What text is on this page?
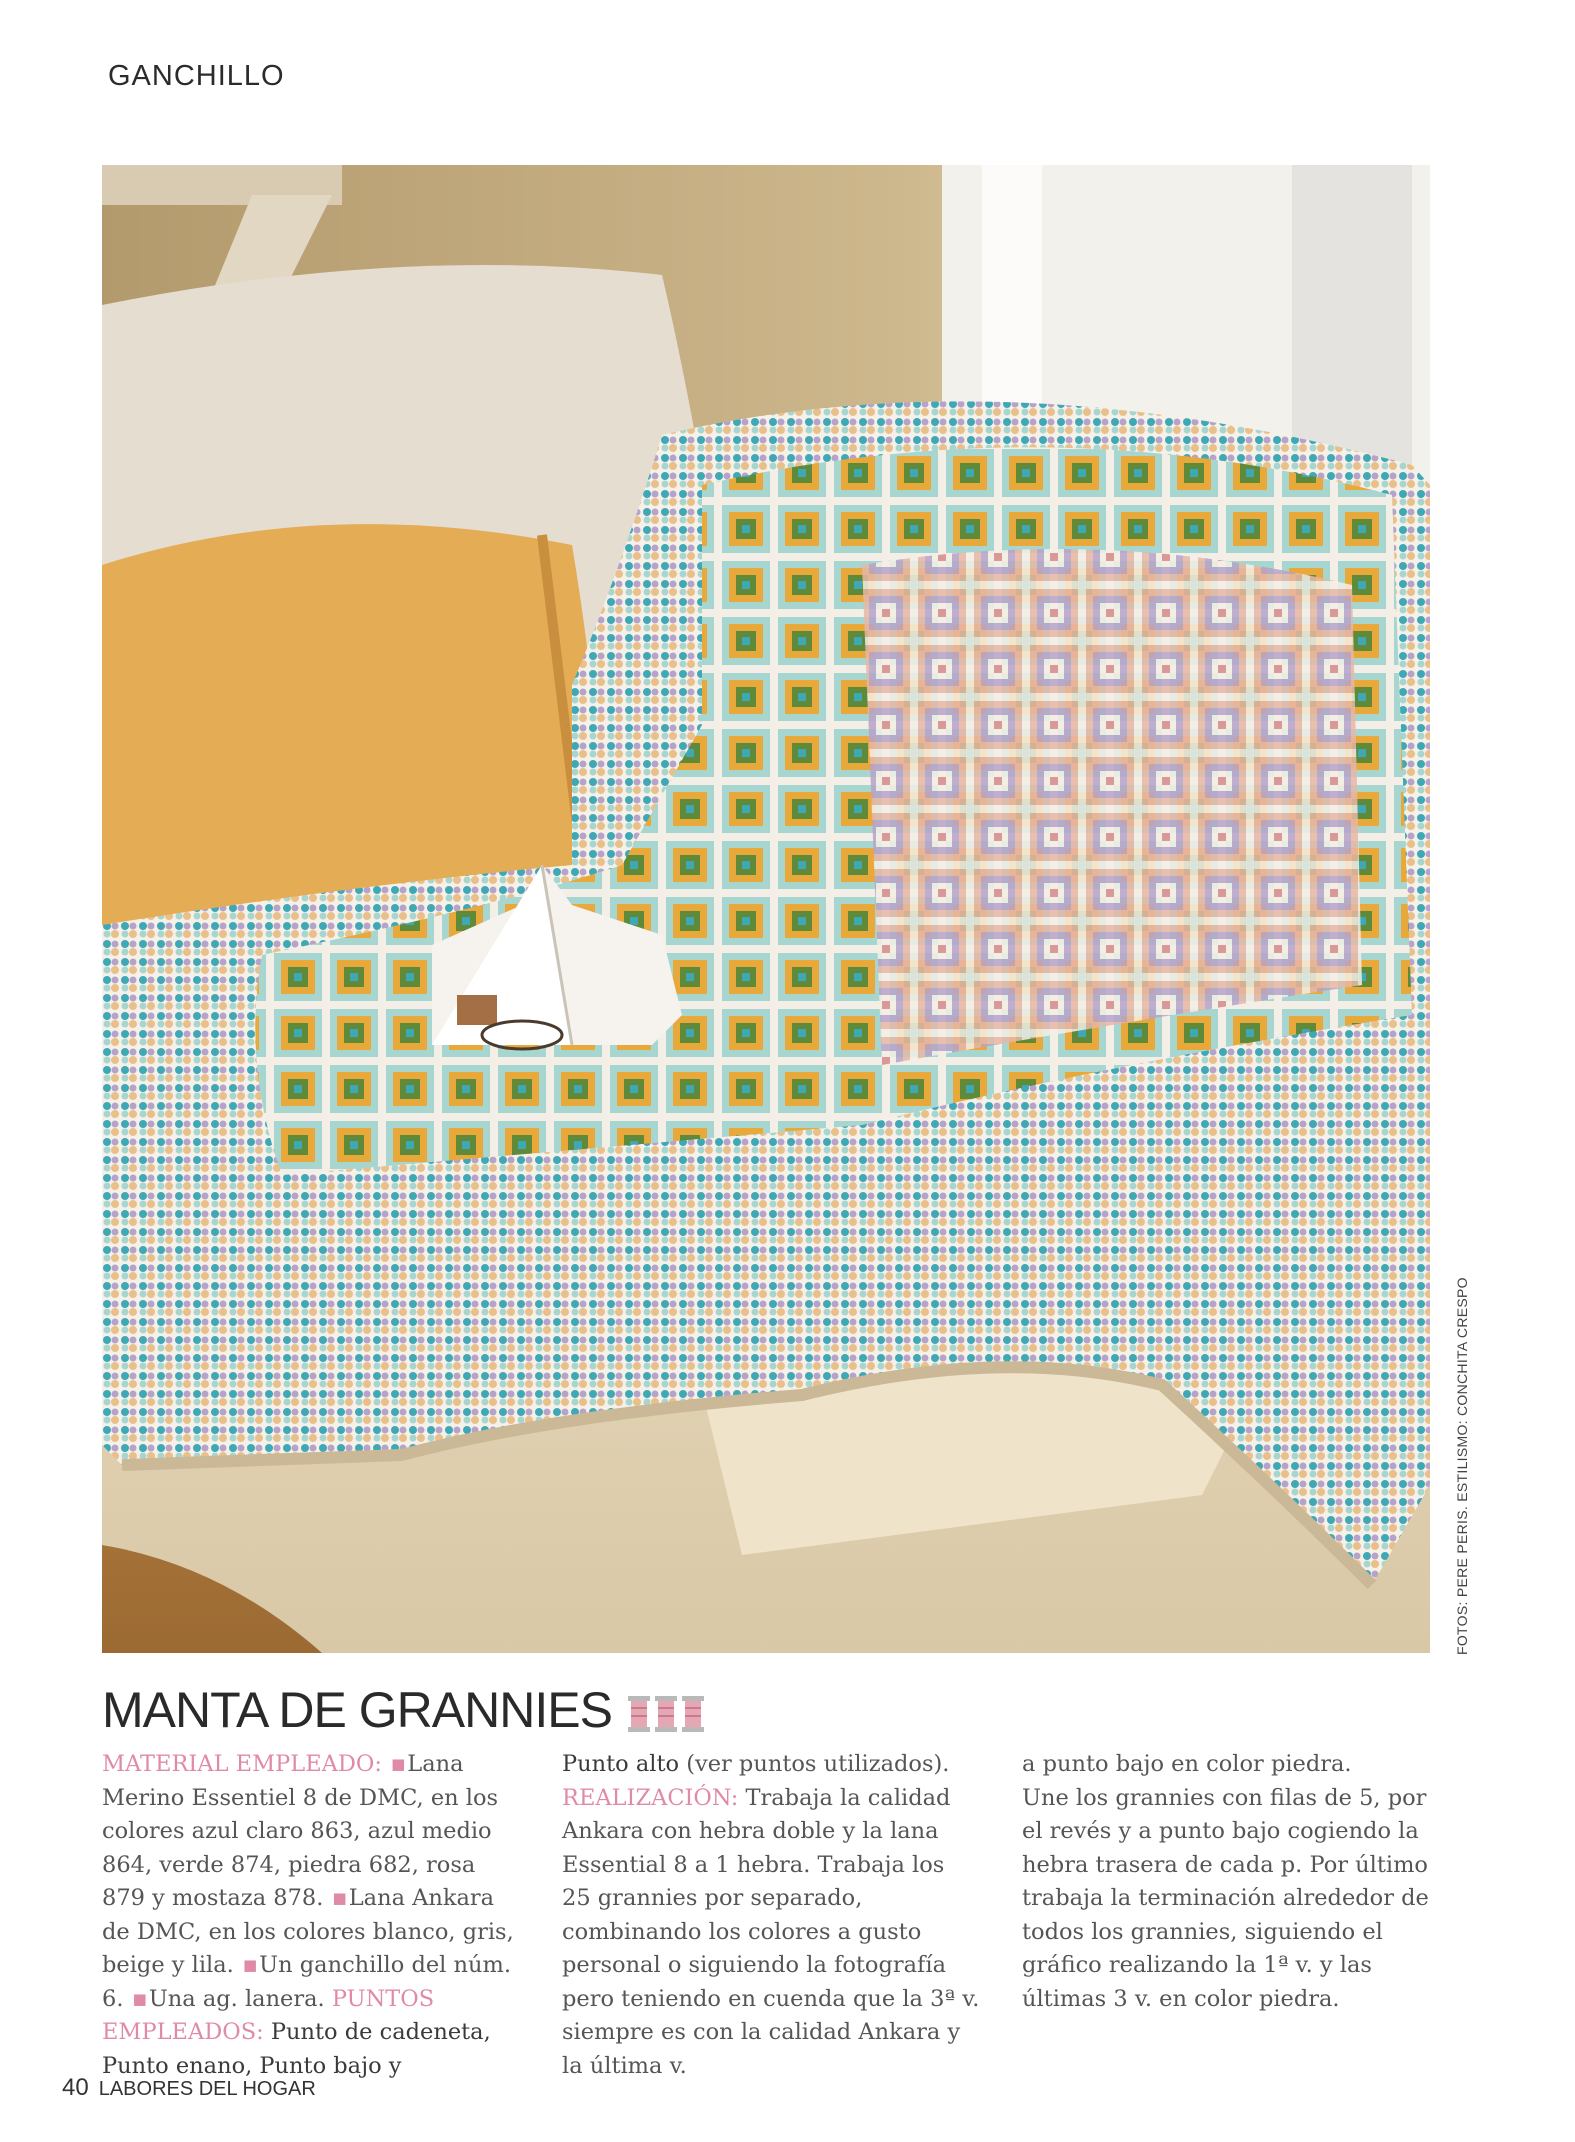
GANCHILLO
FOTOS: PERE PERIS. ESTILISMO: CONCHITA CRESPO
MANTA DE GRANNIES
MATERIAL EMPLEADO: ■Lana Merino Essentiel 8 de DMC, en los colores azul claro 863, azul medio 864, verde 874, piedra 682, rosa 879 y mostaza 878. ■Lana Ankara de DMC, en los colores blanco, gris, beige y lila. ■Un ganchillo del núm. 6. ■Una ag. lanera. PUNTOS EMPLEADOS: Punto de cadeneta, Punto enano, Punto bajo y
Punto alto (ver puntos utilizados). REALIZACIÓN: Trabaja la calidad Ankara con hebra doble y la lana Essential 8 a 1 hebra. Trabaja los 25 grannies por separado, combinando los colores a gusto personal o siguiendo la fotografía pero teniendo en cuenda que la 3ª v. siempre es con la calidad Ankara y la última v.
a punto bajo en color piedra.
Une los grannies con filas de 5, por el revés y a punto bajo cogiendo la hebra trasera de cada p. Por último trabaja la terminación alrededor de todos los grannies, siguiendo el gráfico realizando la 1ª v. y las últimas 3 v. en color piedra.
40 LABORES DEL HOGAR
